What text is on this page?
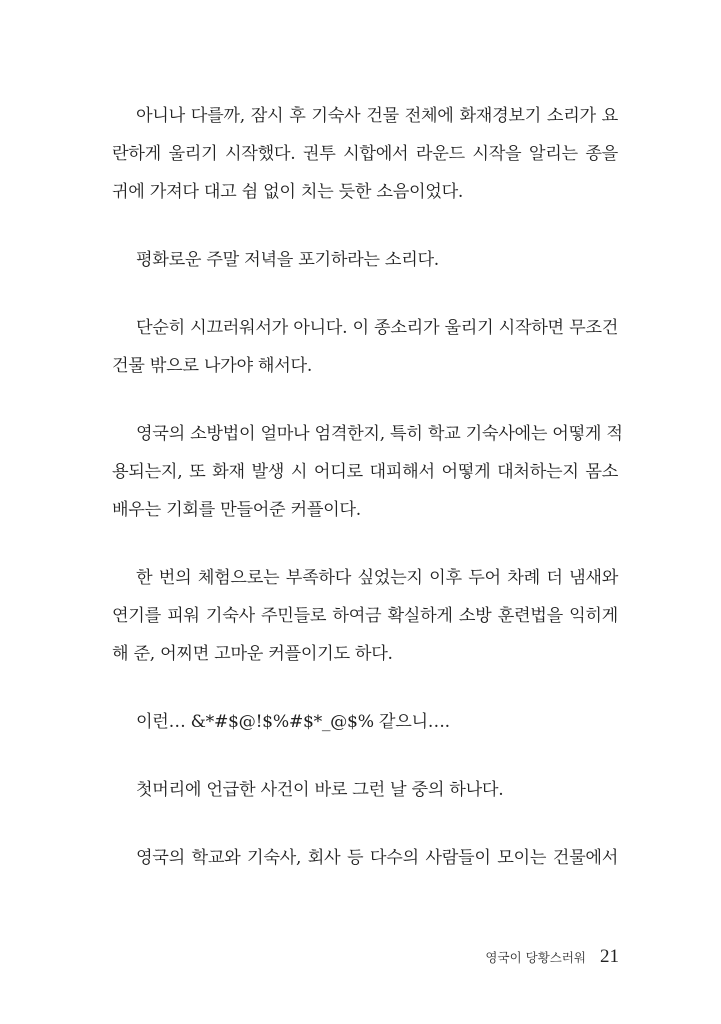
아니나 다를까, 잠시 후 기숙사 건물 전체에 화재경보기 소리가 요
란하게 울리기 시작했다. 권투 시합에서 라운드 시작을 알리는 종을
귀에 가져다 대고 쉼 없이 치는 듯한 소음이었다.
평화로운 주말 저녁을 포기하라는 소리다.
단순히 시끄러워서가 아니다. 이 종소리가 울리기 시작하면 무조건
건물 밖으로 나가야 해서다.
영국의 소방법이 얼마나 엄격한지, 특히 학교 기숙사에는 어떻게 적
용되는지, 또 화재 발생 시 어디로 대피해서 어떻게 대처하는지 몸소
배우는 기회를 만들어준 커플이다.
한 번의 체험으로는 부족하다 싶었는지 이후 두어 차례 더 냄새와
연기를 피워 기숙사 주민들로 하여금 확실하게 소방 훈련법을 익히게
해 준, 어찌면 고마운 커플이기도 하다.
이런… &*#$@!$%#$*_@$% 같으니….
첫머리에 언급한 사건이 바로 그런 날 중의 하나다.
영국의 학교와 기숙사, 회사 등 다수의 사람들이 모이는 건물에서
영국이 당황스러워 21
